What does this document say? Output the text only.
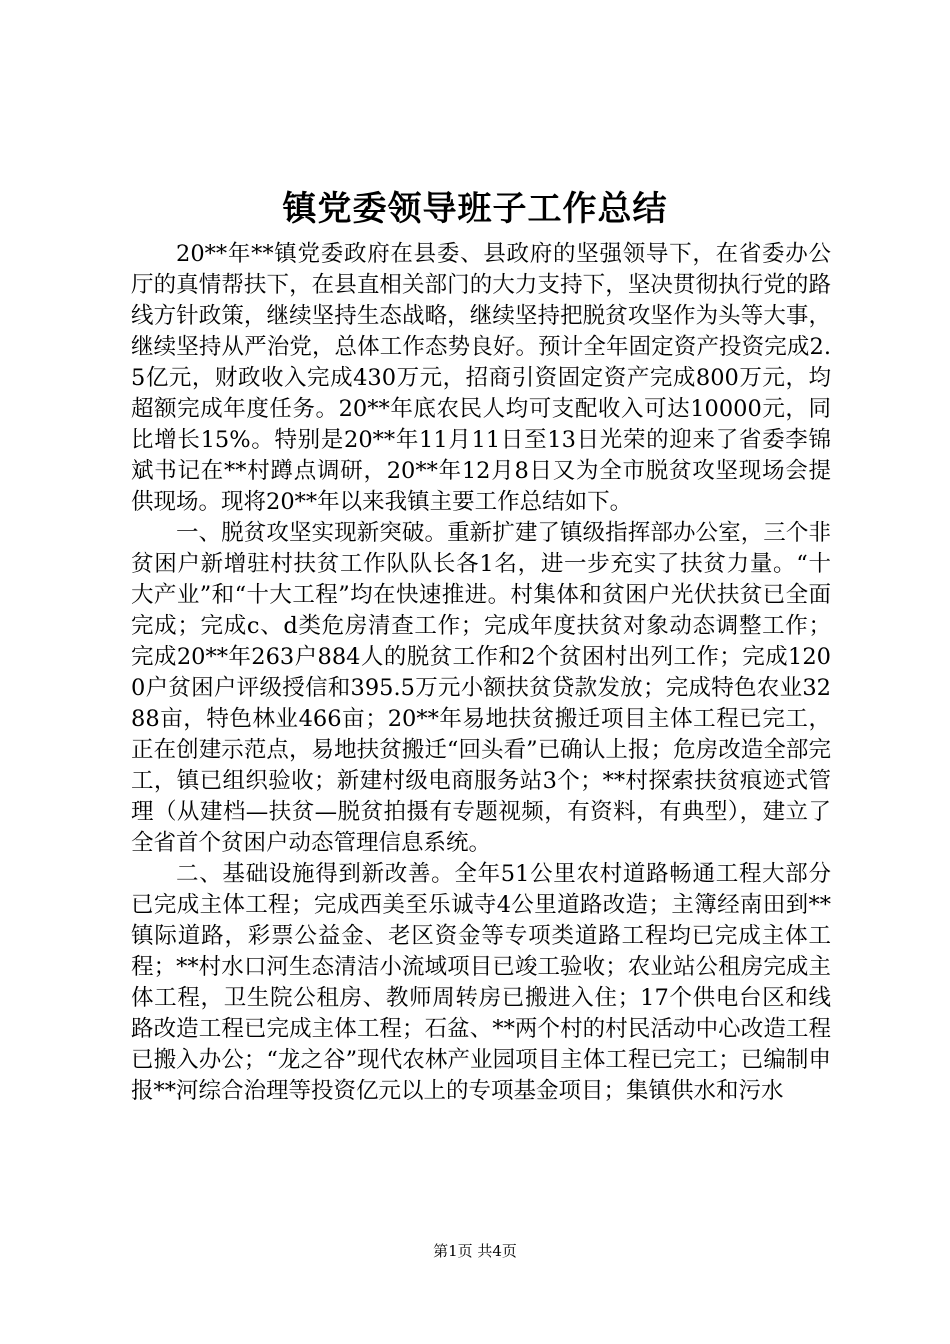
镇党委领导班子工作总结

20**年**镇党委政府在县委、县政府的坚强领导下，在省委办公厅的真情帮扶下，在县直相关部门的大力支持下，坚决贯彻执行党的路线方针政策，继续坚持生态战略，继续坚持把脱贫攻坚作为头等大事，继续坚持从严治党，总体工作态势良好。预计全年固定资产投资完成2.5亿元，财政收入完成430万元，招商引资固定资产完成800万元，均超额完成年度任务。20**年底农民人均可支配收入可达10000元，同比增长15%。特别是20**年11月11日至13日光荣的迎来了省委李锦斌书记在**村蹲点调研，20**年12月8日又为全市脱贫攻坚现场会提供现场。现将20**年以来我镇主要工作总结如下。

一、脱贫攻坚实现新突破。重新扩建了镇级指挥部办公室，三个非贫困户新增驻村扶贫工作队队长各1名，进一步充实了扶贫力量。“十大产业”和“十大工程”均在快速推进。村集体和贫困户光伏扶贫已全面完成；完成c、d类危房清查工作；完成年度扶贫对象动态调整工作；完成20**年263户884人的脱贫工作和2个贫困村出列工作；完成1200户贫困户评级授信和395.5万元小额扶贫贷款发放；完成特色农业3288亩，特色林业466亩；20**年易地扶贫搬迁项目主体工程已完工，正在创建示范点，易地扶贫搬迁“回头看”已确认上报；危房改造全部完工，镇已组织验收；新建村级电商服务站3个；**村探索扶贫痕迹式管理（从建档—扶贫—脱贫拍摄有专题视频，有资料，有典型），建立了全省首个贫困户动态管理信息系统。

二、基础设施得到新改善。全年51公里农村道路畅通工程大部分已完成主体工程；完成西美至乐诚寺4公里道路改造；主簿经南田到**镇际道路，彩票公益金、老区资金等专项类道路工程均已完成主体工程；**村水口河生态清洁小流域项目已竣工验收；农业站公租房完成主体工程，卫生院公租房、教师周转房已搬进入住；17个供电台区和线路改造工程已完成主体工程；石盆、**两个村的村民活动中心改造工程已搬入办公；“龙之谷”现代农林产业园项目主体工程已完工；已编制申报**河综合治理等投资亿元以上的专项基金项目；集镇供水和污水

第1页 共4页
